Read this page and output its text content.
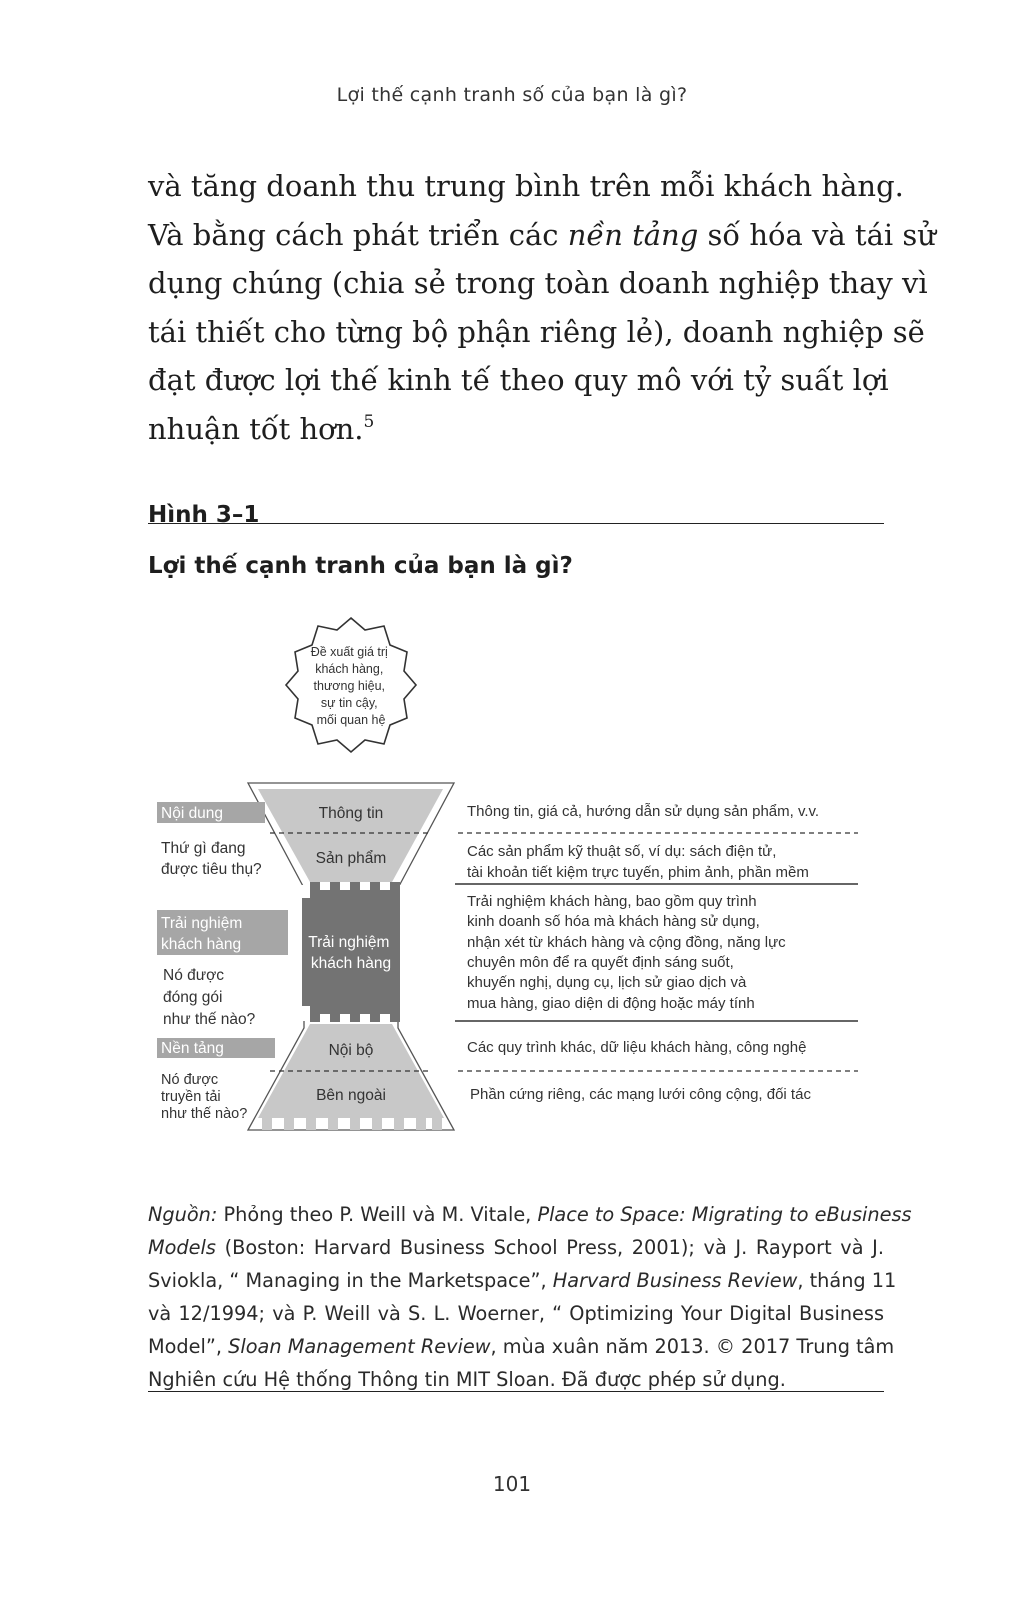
Lợi thế cạnh tranh số của bạn là gì?

và tăng doanh thu trung bình trên mỗi khách hàng.
Và bằng cách phát triển các nền tảng số hóa và tái sử
dụng chúng (chia sẻ trong toàn doanh nghiệp thay vì
tái thiết cho từng bộ phận riêng lẻ), doanh nghiệp sẽ
đạt được lợi thế kinh tế theo quy mô với tỷ suất lợi
nhuận tốt hơn.$^5$

Hình 3–1
Lợi thế cạnh tranh của bạn là gì?
Đề xuất giá trị khách hàng, thương hiệu, sự tin cậy, mối quan hệ
Thông tin
Sản phẩm
Trải nghiệm khách hàng
Nội bộ
Bên ngoài
Nội dung
Thứ gì đang được tiêu thụ?
Trải nghiệm khách hàng
Nó được đóng gói như thế nào?
Nền tảng
Nó được truyền tải như thế nào?
Thông tin, giá cả, hướng dẫn sử dụng sản phẩm, v.v.
Các sản phẩm kỹ thuật số, ví dụ: sách điện tử, tài khoản tiết kiệm trực tuyến, phim ảnh, phần mềm
Trải nghiệm khách hàng, bao gồm quy trình kinh doanh số hóa mà khách hàng sử dụng, nhận xét từ khách hàng và cộng đồng, năng lực chuyên môn để ra quyết định sáng suốt, khuyến nghị, dụng cụ, lịch sử giao dịch và mua hàng, giao diện di động hoặc máy tính
Các quy trình khác, dữ liệu khách hàng, công nghệ
Phần cứng riêng, các mạng lưới công cộng, đối tác

Nguồn: Phỏng theo P. Weill và M. Vitale, Place to Space: Migrating to eBusiness
Models (Boston: Harvard Business School Press, 2001); và J. Rayport và J.
Sviokla, “ Managing in the Marketspace”, Harvard Business Review, tháng 11
và 12/1994; và P. Weill và S. L. Woerner, “ Optimizing Your Digital Business
Model”, Sloan Management Review, mùa xuân năm 2013. © 2017 Trung tâm
Nghiên cứu Hệ thống Thông tin MIT Sloan. Đã được phép sử dụng.

101
